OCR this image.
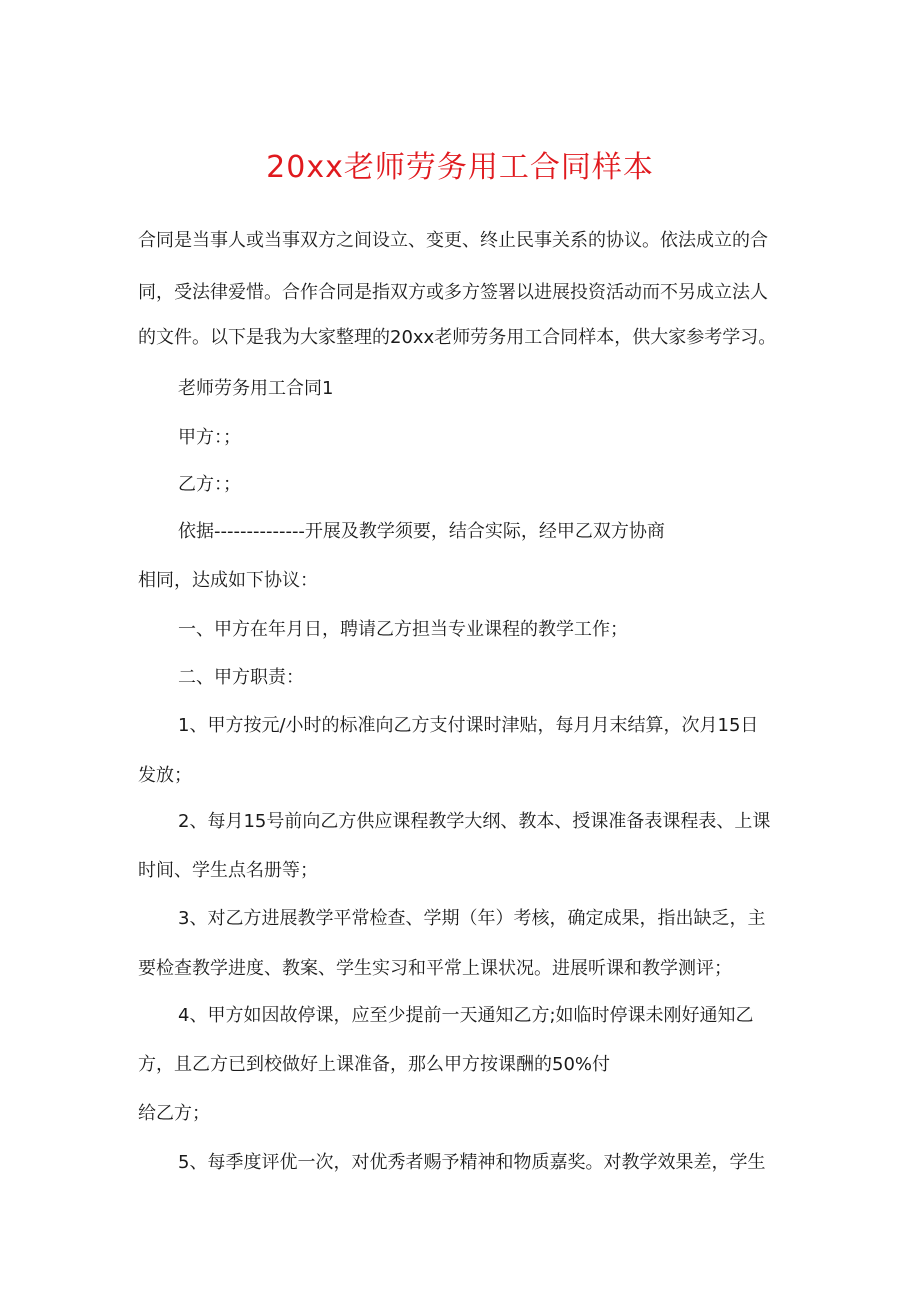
20xx老师劳务用工合同样本
合同是当事人或当事双方之间设立、变更、终止民事关系的协议。依法成立的合
同，受法律爱惜。合作合同是指双方或多方签署以进展投资活动而不另成立法人
的文件。以下是我为大家整理的20xx老师劳务用工合同样本，供大家参考学习。
老师劳务用工合同1
甲方：；
乙方：；
依据--------------开展及教学须要，结合实际，经甲乙双方协商
相同，达成如下协议：
一、甲方在年月日，聘请乙方担当专业课程的教学工作；
二、甲方职责：
1、甲方按元/小时的标准向乙方支付课时津贴，每月月末结算，次月15日
发放；
2、每月15号前向乙方供应课程教学大纲、教本、授课准备表课程表、上课
时间、学生点名册等；
3、对乙方进展教学平常检查、学期（年）考核，确定成果，指出缺乏，主
要检查教学进度、教案、学生实习和平常上课状况。进展听课和教学测评；
4、甲方如因故停课，应至少提前一天通知乙方;如临时停课未刚好通知乙
方，且乙方已到校做好上课准备，那么甲方按课酬的50%付
给乙方；
5、每季度评优一次，对优秀者赐予精神和物质嘉奖。对教学效果差，学生
